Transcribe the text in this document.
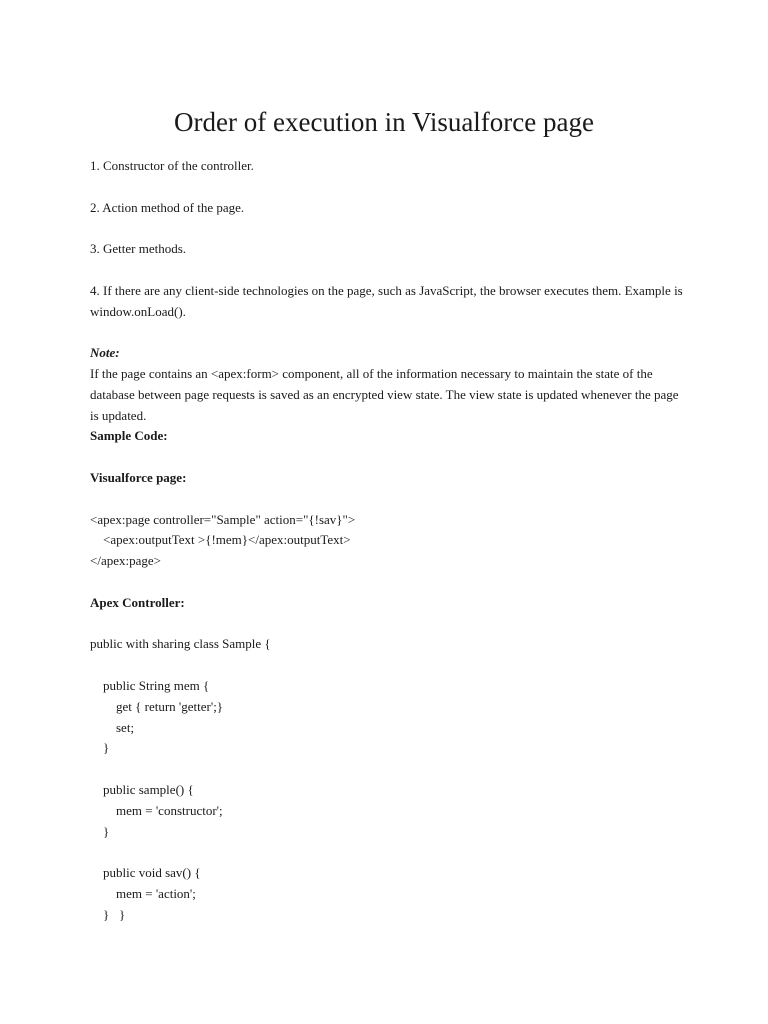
Order of execution in Visualforce page

1. Constructor of the controller.

2. Action method of the page.

3. Getter methods.

4. If there are any client-side technologies on the page, such as JavaScript, the browser executes them. Example is window.onLoad().

Note:

If the page contains an <apex:form> component, all of the information necessary to maintain the state of the database between page requests is saved as an encrypted view state. The view state is updated whenever the page is updated.

Sample Code:

Visualforce page:

<apex:page controller="Sample" action="{!sav}">

<apex:outputText >{!mem}</apex:outputText>

</apex:page>

Apex Controller:

public with sharing class Sample {

public String mem {

get { return 'getter';}

set;

}

public sample() {

mem = 'constructor';

}

public void sav() {

mem = 'action';

}   }
